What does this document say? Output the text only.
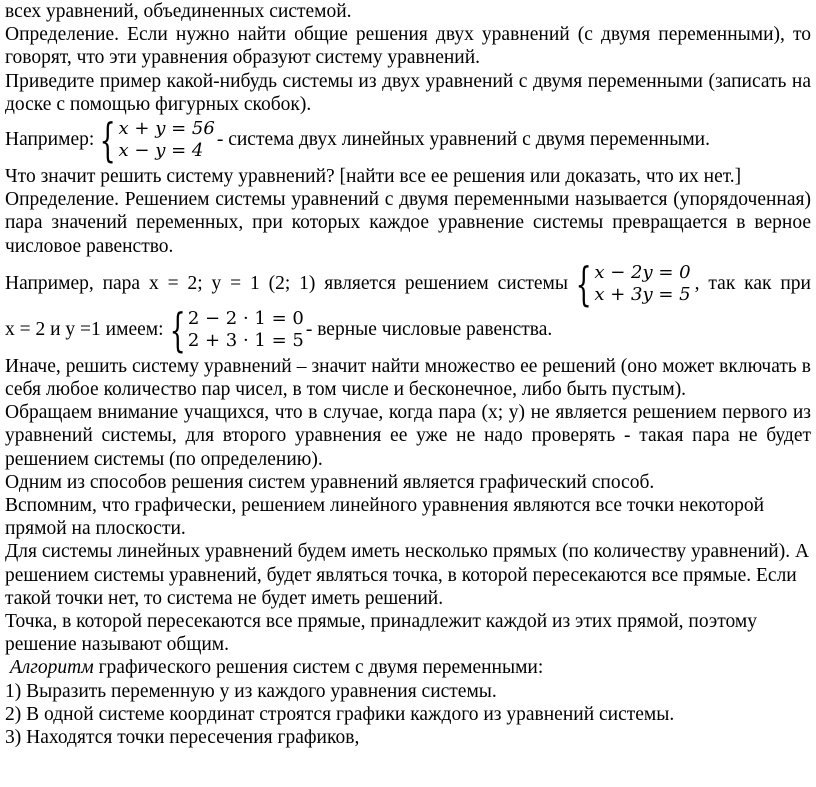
всех уравнений, объединенных системой.

Определение. Если нужно найти общие решения двух уравнений (с двумя переменными), то говорят, что эти уравнения образуют систему уравнений.

Приведите пример какой-нибудь системы из двух уравнений с двумя переменными (записать на доске с помощью фигурных скобок).

Например: { x + y = 56
x − y = 4
- система двух линейных уравнений с двумя переменными.

Что значит решить систему уравнений? [найти все ее решения или доказать, что их нет.]

Определение. Решением системы уравнений с двумя переменными называется (упорядоченная) пара значений переменных, при которых каждое уравнение системы превращается в верное числовое равенство.

Например, пара х = 2; у = 1 (2; 1) является решением системы { x − 2y = 0
x + 3y = 5
, так как при
х = 2 и у =1 имеем: { 2 − 2 · 1 = 0
2 + 3 · 1 = 5
- верные числовые равенства.

Иначе, решить систему уравнений – значит найти множество ее решений (оно может включать в себя любое количество пар чисел, в том числе и бесконечное, либо быть пустым).

Обращаем внимание учащихся, что в случае, когда пара (х; у) не является решением первого из уравнений системы, для второго уравнения ее уже не надо проверять - такая пара не будет решением системы (по определению).

Одним из способов решения систем уравнений является графический способ.

Вспомним, что графически, решением линейного уравнения являются все точки некоторой прямой на плоскости.

Для системы линейных уравнений будем иметь несколько прямых (по количеству уравнений). А решением системы уравнений, будет являться точка, в которой пересекаются все прямые. Если такой точки нет, то система не будет иметь решений.

Точка, в которой пересекаются все прямые, принадлежит каждой из этих прямой, поэтому решение называют общим.

Алгоритм графического решения систем с двумя переменными:

1) Выразить переменную у из каждого уравнения системы.

2) В одной системе координат строятся графики каждого из уравнений системы.

3) Находятся точки пересечения графиков,
